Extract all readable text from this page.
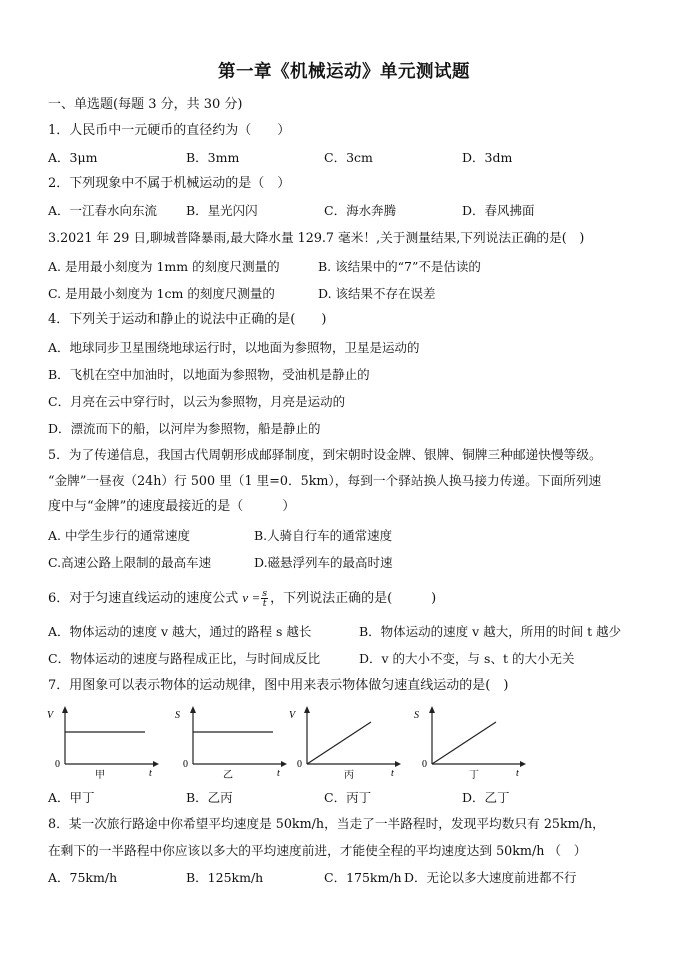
第一章《机械运动》单元测试题
一、单选题(每题 3 分，共 30 分)
1．人民币中一元硬币的直径约为（　　）
A．3μm	B．3mm	C．3cm	D．3dm
2．下列现象中不属于机械运动的是（　）
A．一江春水向东流 B．星光闪闪	C．海水奔腾	D．春风拂面
3.2021 年 29 日,聊城普降暴雨,最大降水量 129.7 毫米！,关于测量结果,下列说法正确的是(　)
A. 是用最小刻度为 1mm 的刻度尺测量的	B. 该结果中的“7”不是估读的
C. 是用最小刻度为 1cm 的刻度尺测量的	D. 该结果不存在误差
4．下列关于运动和静止的说法中正确的是(　　)
A．地球同步卫星围绕地球运行时，以地面为参照物，卫星是运动的
B．飞机在空中加油时，以地面为参照物，受油机是静止的
C．月亮在云中穿行时，以云为参照物，月亮是运动的
D．漂流而下的船，以河岸为参照物，船是静止的
5．为了传递信息，我国古代周朝形成邮驿制度，到宋朝时设金牌、银牌、铜牌三种邮递快慢等级。
“金牌”一昼夜（24h）行 500 里（1 里=0．5km），每到一个驿站换人换马接力传递。下面所列速
度中与“金牌”的速度最接近的是（　　　）
A. 中学生步行的通常速度	B.人骑自行车的通常速度
C.高速公路上限制的最高车速	D.磁悬浮列车的最高时速
6．对于匀速直线运动的速度公式 $v = \frac{s}{t}$ ，下列说法正确的是(　　　)
A．物体运动的速度 v 越大，通过的路程 s 越长	B．物体运动的速度 v 越大，所用的时间 t 越少
C．物体运动的速度与路程成正比，与时间成反比	D．v 的大小不变，与 s、t 的大小无关
7．用图象可以表示物体的运动规律，图中用来表示物体做匀速直线运动的是(　)
V
0
t
甲
S
0
t
乙
V
0
t
丙
S
0
t
丁
A．甲丁	B．乙丙	C．丙丁	D．乙丁
8．某一次旅行路途中你希望平均速度是 50km/h，当走了一半路程时，发现平均数只有 25km/h，
在剩下的一半路程中你应该以多大的平均速度前进，才能使全程的平均速度达到 50km/h （　）
A．75km/h	B．125km/h	C．175km/h D．无论以多大速度前进都不行
